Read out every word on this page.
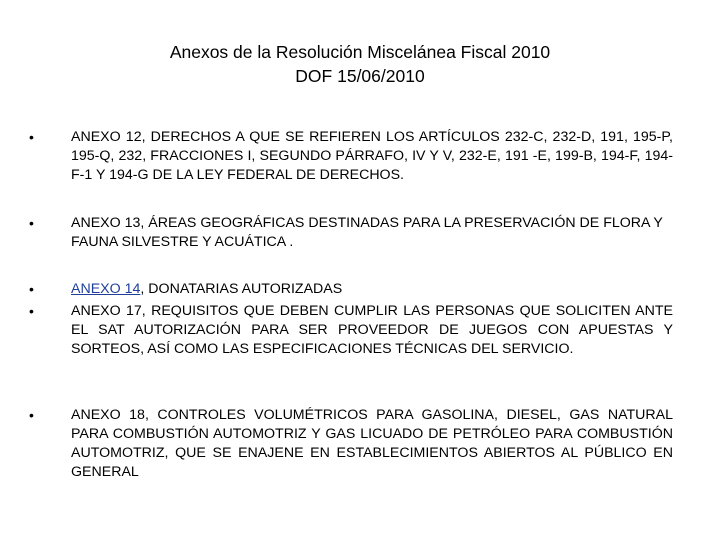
Anexos de la Resolución Miscelánea Fiscal 2010
DOF 15/06/2010
•	ANEXO 12, DERECHOS A QUE SE REFIEREN LOS ARTÍCULOS 232-C, 232-D, 191, 195-P, 195-Q, 232, FRACCIONES I, SEGUNDO PÁRRAFO, IV Y V, 232-E, 191 -E, 199-B, 194-F, 194-F-1 Y 194-G DE LA LEY FEDERAL DE DERECHOS.
•	ANEXO 13, ÁREAS GEOGRÁFICAS DESTINADAS PARA LA PRESERVACIÓN DE FLORA Y FAUNA SILVESTRE Y ACUÁTICA .
•	ANEXO 14, DONATARIAS AUTORIZADAS
•	ANEXO 17, REQUISITOS QUE DEBEN CUMPLIR LAS PERSONAS QUE SOLICITEN ANTE EL SAT AUTORIZACIÓN PARA SER PROVEEDOR DE JUEGOS CON APUESTAS Y SORTEOS, ASÍ COMO LAS ESPECIFICACIONES TÉCNICAS DEL SERVICIO.
•	ANEXO 18, CONTROLES VOLUMÉTRICOS PARA GASOLINA, DIESEL, GAS NATURAL PARA COMBUSTIÓN AUTOMOTRIZ Y GAS LICUADO DE PETRÓLEO PARA COMBUSTIÓN AUTOMOTRIZ, QUE SE ENAJENE EN ESTABLECIMIENTOS ABIERTOS AL PÚBLICO EN GENERAL
